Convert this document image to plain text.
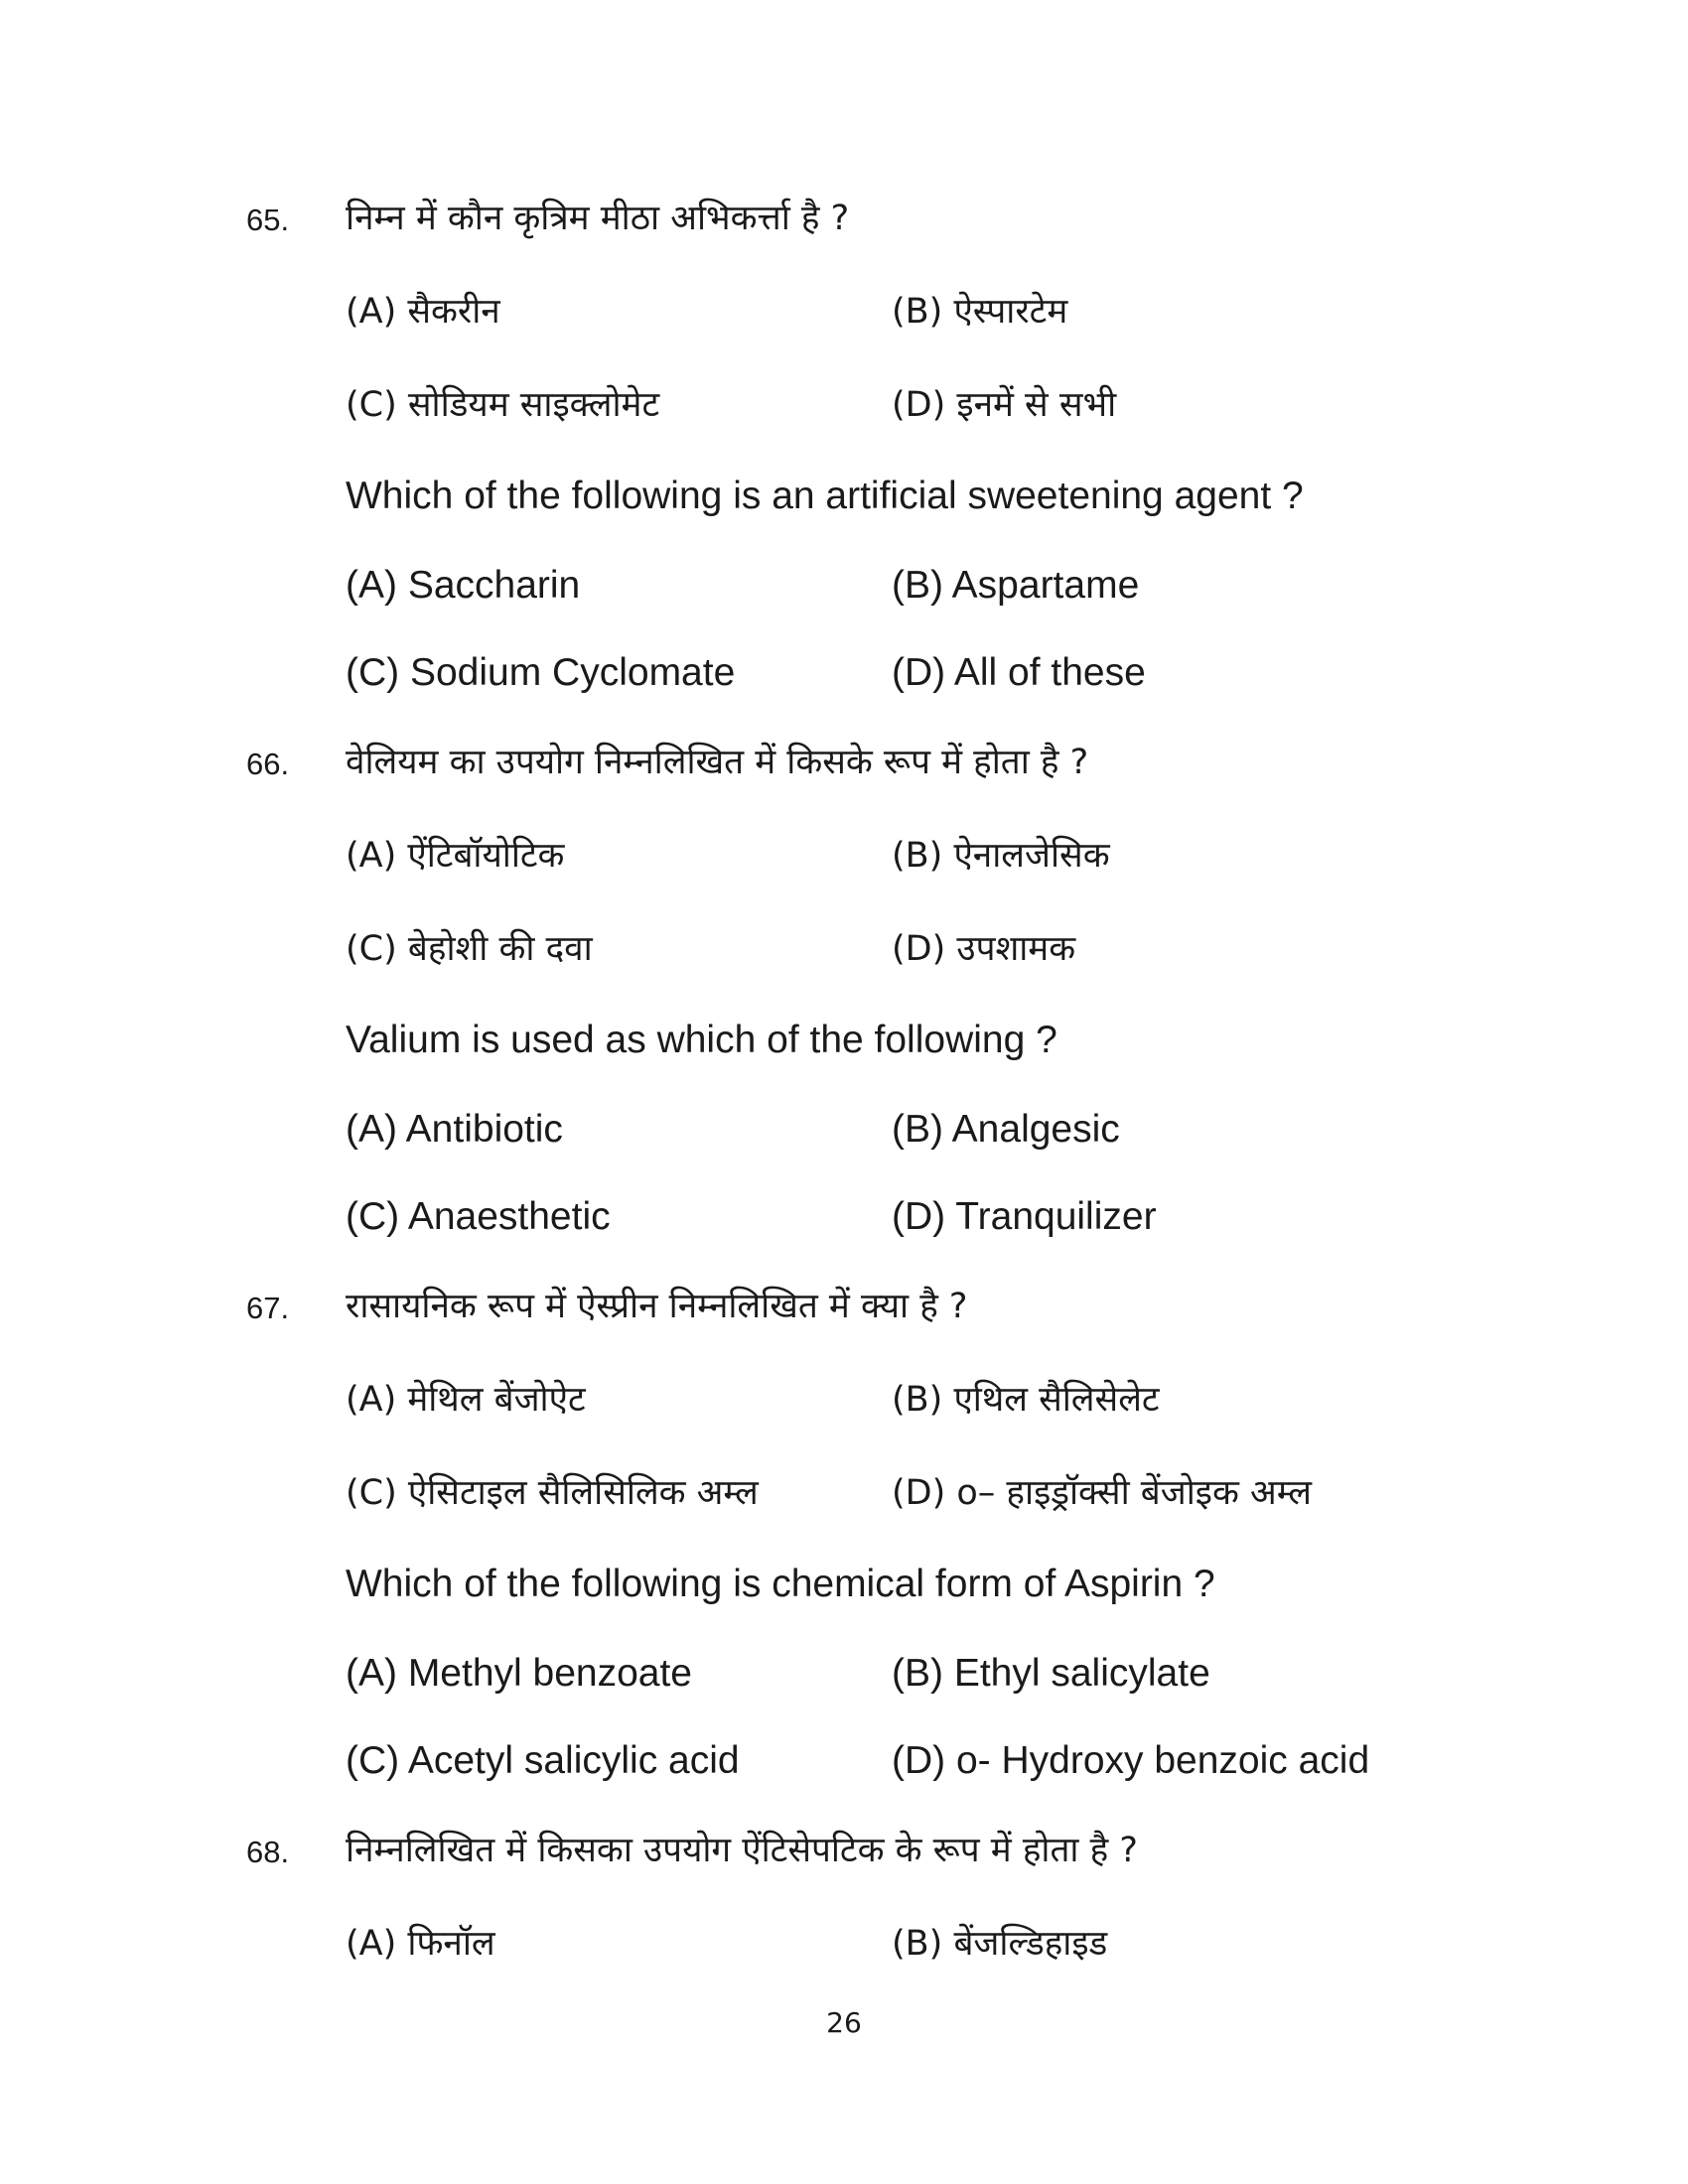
65. निम्न में कौन कृत्रिम मीठा अभिकर्त्ता है ?
(A) सैकरीन	(B) ऐस्पारटेम
(C) सोडियम साइक्लोमेट	(D) इनमें से सभी
Which of the following is an artificial sweetening agent ?
(A) Saccharin	(B) Aspartame
(C) Sodium Cyclomate	(D) All of these
66. वेलियम का उपयोग निम्नलिखित में किसके रूप में होता है ?
(A) ऐंटिबॉयोटिक	(B) ऐनालजेसिक
(C) बेहोशी की दवा	(D) उपशामक
Valium is used as which of the following ?
(A) Antibiotic	(B) Analgesic
(C) Anaesthetic	(D) Tranquilizer
67. रासायनिक रूप में ऐस्प्रीन निम्नलिखित में क्या है ?
(A) मेथिल बेंजोऐट	(B) एथिल सैलिसेलेट
(C) ऐसिटाइल सैलिसिलिक अम्ल	(D) o– हाइड्रॉक्सी बेंजोइक अम्ल
Which of the following is chemical form of Aspirin ?
(A) Methyl benzoate	(B) Ethyl salicylate
(C) Acetyl salicylic acid	(D) o- Hydroxy benzoic acid
68. निम्नलिखित में किसका उपयोग ऐंटिसेपटिक के रूप में होता है ?
(A) फिनॉल	(B) बेंजल्डिहाइड
26
